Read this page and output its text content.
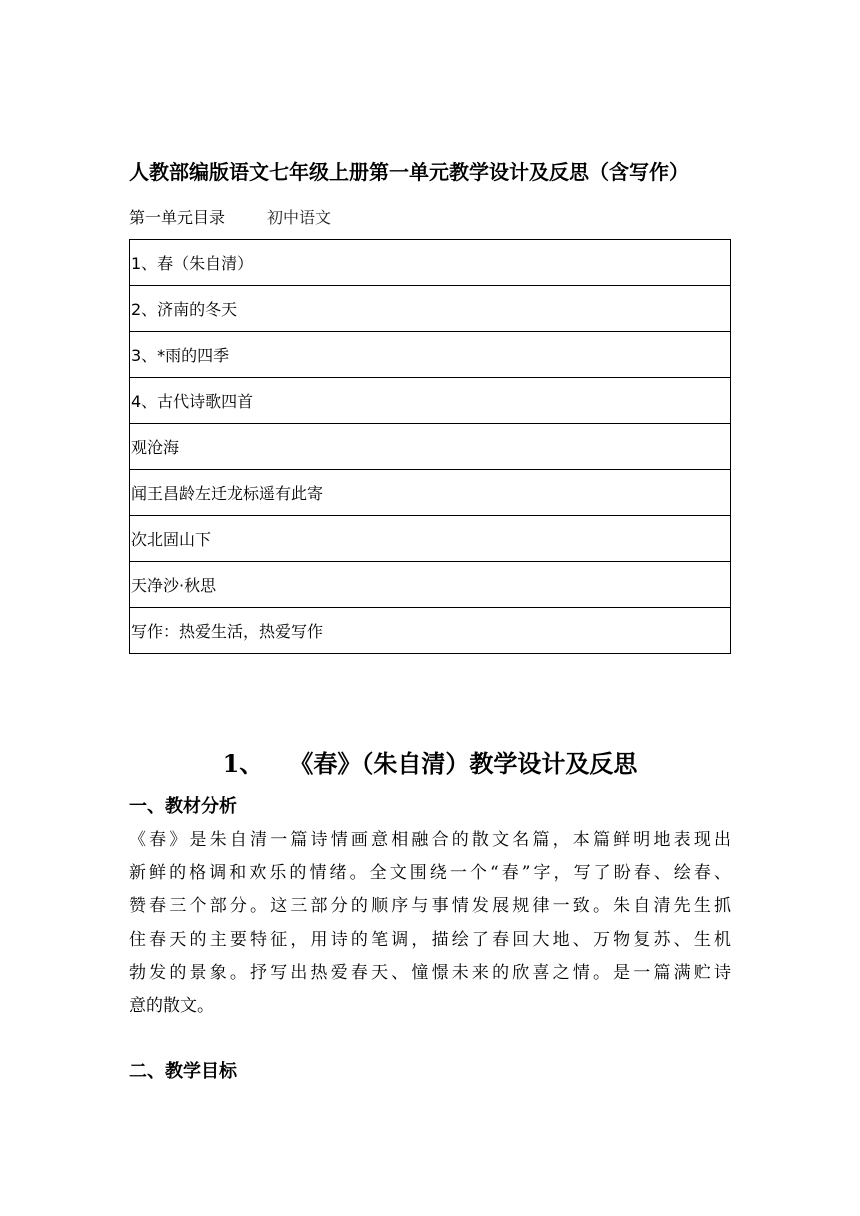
人教部编版语文七年级上册第一单元教学设计及反思（含写作）
第一单元目录	初中语文
1、春（朱自清）
2、济南的冬天
3、*雨的四季
4、古代诗歌四首
观沧海
闻王昌龄左迁龙标遥有此寄
次北固山下
天净沙·秋思
写作：热爱生活，热爱写作
1、 《春》（朱自清）教学设计及反思
一、教材分析
《春》是朱自清一篇诗情画意相融合的散文名篇，本篇鲜明地表现出
新鲜的格调和欢乐的情绪。全文围绕一个“春”字，写了盼春、绘春、
赞春三个部分。这三部分的顺序与事情发展规律一致。朱自清先生抓
住春天的主要特征，用诗的笔调，描绘了春回大地、万物复苏、生机
勃发的景象。抒写出热爱春天、憧憬未来的欣喜之情。是一篇满贮诗
意的散文。
二、教学目标
